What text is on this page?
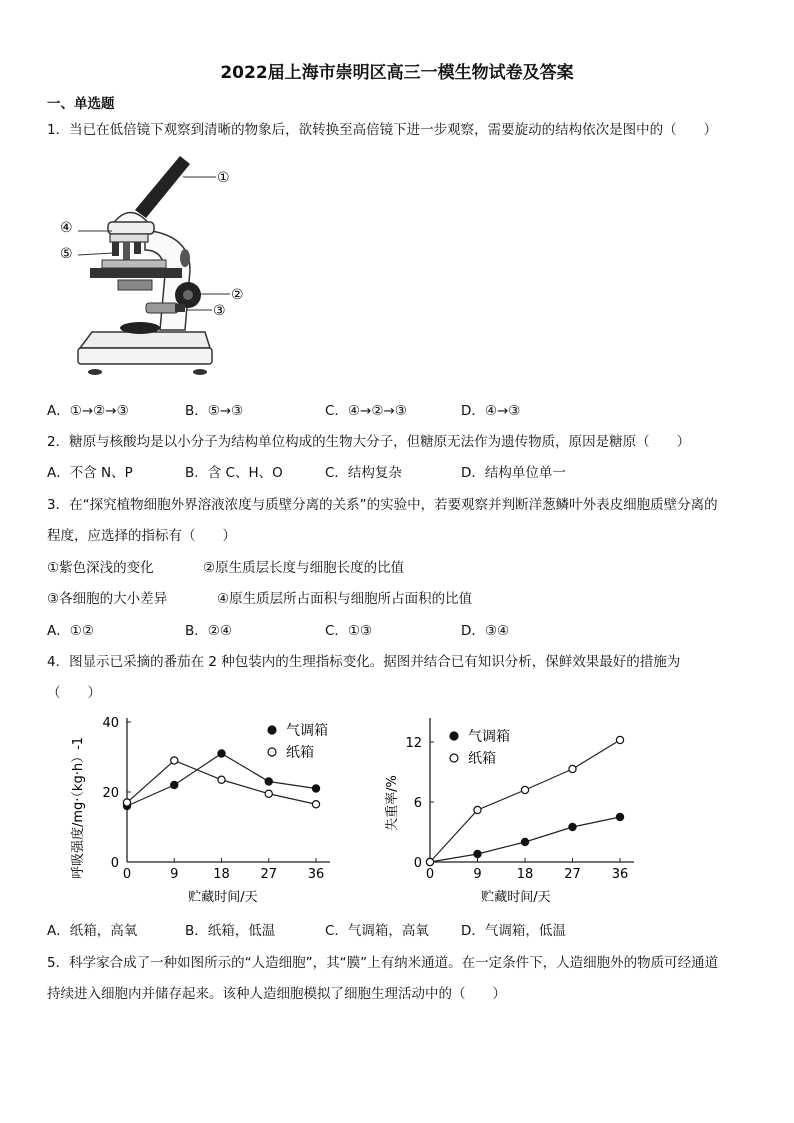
2022届上海市崇明区高三一模生物试卷及答案
一、单选题
1．当已在低倍镜下观察到清晰的物象后，欲转换至高倍镜下进一步观察，需要旋动的结构依次是图中的（　　）
①
④
⑤
②
③
A．①→②→③	B．⑤→③	C．④→②→③	D．④→③
2．糖原与核酸均是以小分子为结构单位构成的生物大分子，但糖原无法作为遗传物质，原因是糖原（　　）
A．不含 N、P	B．含 C、H、O	C．结构复杂	D．结构单位单一
3．在“探究植物细胞外界溶液浓度与质壁分离的关系”的实验中，若要观察并判断洋葱鳞叶外表皮细胞质壁分离的
程度，应选择的指标有（　　）
①紫色深浅的变化	②原生质层长度与细胞长度的比值
③各细胞的大小差异	④原生质层所占面积与细胞所占面积的比值
A．①②	B．②④	C．①③	D．③④
4．图显示已采摘的番茄在 2 种包装内的生理指标变化。据图并结合已有知识分析，保鲜效果最好的措施为
（　　）
呼吸强度/mg·（kg·h）-1
贮藏时间/天
0	9	18 27 36
0
20
40	气调箱
纸箱
失重率/%
贮藏时间/天
0	9	18 27 36
0
6
12	气调箱
纸箱
A．纸箱，高氧	B．纸箱，低温	C．气调箱，高氧 D．气调箱，低温
5．科学家合成了一种如图所示的“人造细胞”，其“膜”上有纳米通道。在一定条件下，人造细胞外的物质可经通道
持续进入细胞内并储存起来。该种人造细胞模拟了细胞生理活动中的（　　）
